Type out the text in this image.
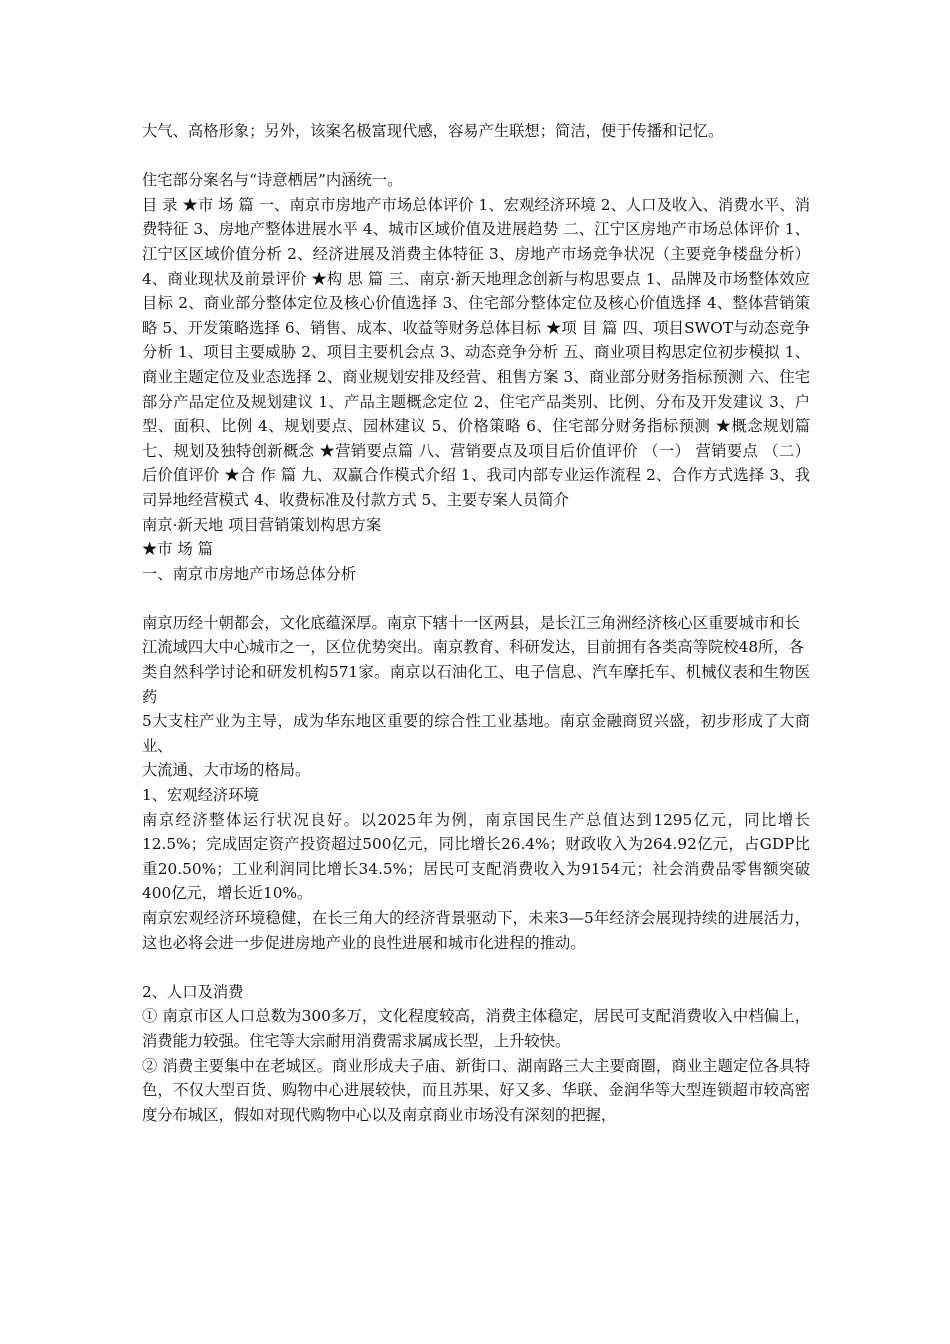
大气、高格形象；另外，该案名极富现代感，容易产生联想；简洁，便于传播和记忆。

住宅部分案名与“诗意栖居”内涵统一。

目 录 ★市 场 篇 一、南京市房地产市场总体评价 1、宏观经济环境 2、人口及收入、消费水平、消费特征 3、房地产整体进展水平 4、城市区域价值及进展趋势 二、江宁区房地产市场总体评价 1、江宁区区域价值分析 2、经济进展及消费主体特征 3、房地产市场竞争状况（主要竞争楼盘分析） 4、商业现状及前景评价 ★构 思 篇 三、南京·新天地理念创新与构思要点 1、品牌及市场整体效应目标 2、商业部分整体定位及核心价值选择 3、住宅部分整体定位及核心价值选择 4、整体营销策略 5、开发策略选择 6、销售、成本、收益等财务总体目标 ★项 目 篇 四、项目SWOT与动态竞争分析 1、项目主要威胁 2、项目主要机会点 3、动态竞争分析 五、商业项目构思定位初步模拟 1、商业主题定位及业态选择 2、商业规划安排及经营、租售方案 3、商业部分财务指标预测 六、住宅部分产品定位及规划建议 1、产品主题概念定位 2、住宅产品类别、比例、分布及开发建议 3、户型、面积、比例 4、规划要点、园林建议 5、价格策略 6、住宅部分财务指标预测 ★概念规划篇 七、规划及独特创新概念 ★营销要点篇 八、营销要点及项目后价值评价 （一） 营销要点 （二） 后价值评价 ★合 作 篇 九、双赢合作模式介绍 1、我司内部专业运作流程 2、合作方式选择 3、我司异地经营模式 4、收费标准及付款方式 5、主要专案人员简介

南京·新天地 项目营销策划构思方案

★市 场 篇

一、南京市房地产市场总体分析

南京历经十朝都会，文化底蕴深厚。南京下辖十一区两县，是长江三角洲经济核心区重要城市和长

江流域四大中心城市之一，区位优势突出。南京教育、科研发达，目前拥有各类高等院校48所，各

类自然科学讨论和研发机构571家。南京以石油化工、电子信息、汽车摩托车、机械仪表和生物医药

5大支柱产业为主导，成为华东地区重要的综合性工业基地。南京金融商贸兴盛，初步形成了大商业、

大流通、大市场的格局。

1、宏观经济环境

南京经济整体运行状况良好。以2025年为例，南京国民生产总值达到1295亿元，同比增长12.5%；完成固定资产投资超过500亿元，同比增长26.4%；财政收入为264.92亿元，占GDP比重20.50%；工业利润同比增长34.5%；居民可支配消费收入为9154元；社会消费品零售额突破400亿元，增长近10%。

南京宏观经济环境稳健，在长三角大的经济背景驱动下，未来3—5年经济会展现持续的进展活力，这也必将会进一步促进房地产业的良性进展和城市化进程的推动。

2、人口及消费

① 南京市区人口总数为300多万，文化程度较高，消费主体稳定，居民可支配消费收入中档偏上，消费能力较强。住宅等大宗耐用消费需求属成长型，上升较快。

② 消费主要集中在老城区。商业形成夫子庙、新街口、湖南路三大主要商圈，商业主题定位各具特色，不仅大型百货、购物中心进展较快，而且苏果、好又多、华联、金润华等大型连锁超市较高密度分布城区，假如对现代购物中心以及南京商业市场没有深刻的把握，
